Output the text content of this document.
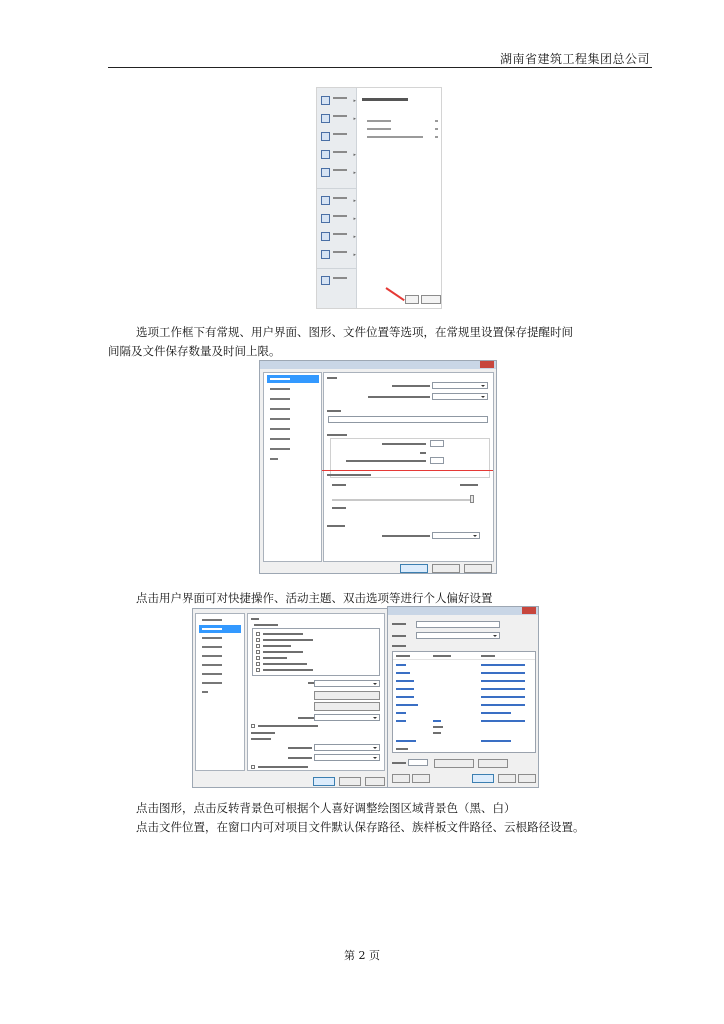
湖南省建筑工程集团总公司
▸
▸
▸
▸
▸
▸
▸
▸
选项工作框下有常规、用户界面、图形、文件位置等选项，在常规里设置保存提醒时间
间隔及文件保存数量及时间上限。
点击用户界面可对快捷操作、活动主题、双击选项等进行个人偏好设置
点击图形，点击反转背景色可根据个人喜好调整绘图区域背景色（黑、白）
点击文件位置，在窗口内可对项目文件默认保存路径、族样板文件路径、云根路径设置。
第 2 页
